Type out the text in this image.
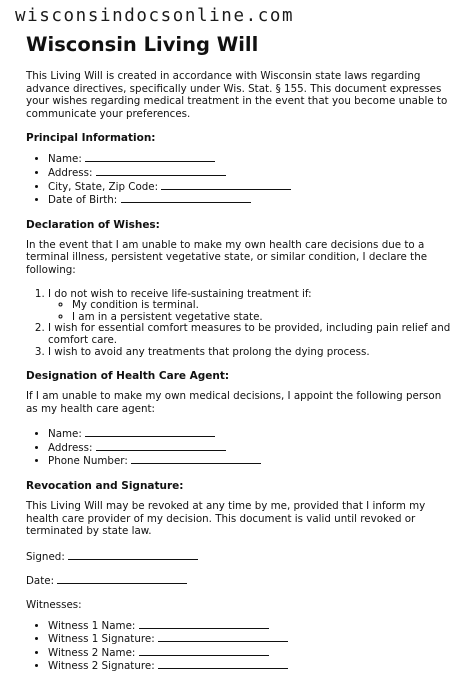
wisconsindocsonline.com
Wisconsin Living Will

This Living Will is created in accordance with Wisconsin state laws regarding advance directives, specifically under Wis. Stat. § 155. This document expresses your wishes regarding medical treatment in the event that you become unable to communicate your preferences.

Principal Information:
• Name:
• Address:
• City, State, Zip Code:
• Date of Birth:
Declaration of Wishes:

In the event that I am unable to make my own health care decisions due to a terminal illness, persistent vegetative state, or similar condition, I declare the following:

1. I do not wish to receive life-sustaining treatment if:
◦ My condition is terminal.
◦ I am in a persistent vegetative state.
2. I wish for essential comfort measures to be provided, including pain relief and comfort care.
3. I wish to avoid any treatments that prolong the dying process.
Designation of Health Care Agent:

If I am unable to make my own medical decisions, I appoint the following person as my health care agent:

• Name:
• Address:
• Phone Number:
Revocation and Signature:

This Living Will may be revoked at any time by me, provided that I inform my health care provider of my decision. This document is valid until revoked or terminated by state law.

Signed:
Date:
Witnesses:
• Witness 1 Name:
• Witness 1 Signature:
• Witness 2 Name:
• Witness 2 Signature:
